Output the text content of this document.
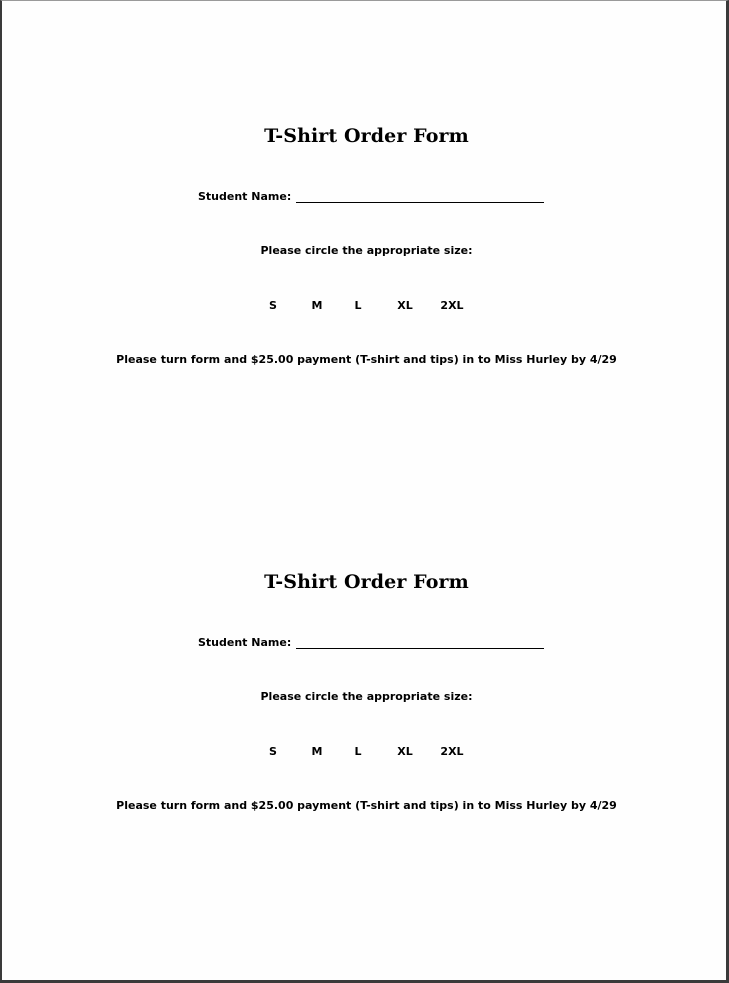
T-Shirt Order Form
Student Name:
Please circle the appropriate size:
S	M	L	XL	2XL
Please turn form and $25.00 payment (T-shirt and tips) in to Miss Hurley by 4/29
T-Shirt Order Form
Student Name:
Please circle the appropriate size:
S	M	L	XL	2XL
Please turn form and $25.00 payment (T-shirt and tips) in to Miss Hurley by 4/29
